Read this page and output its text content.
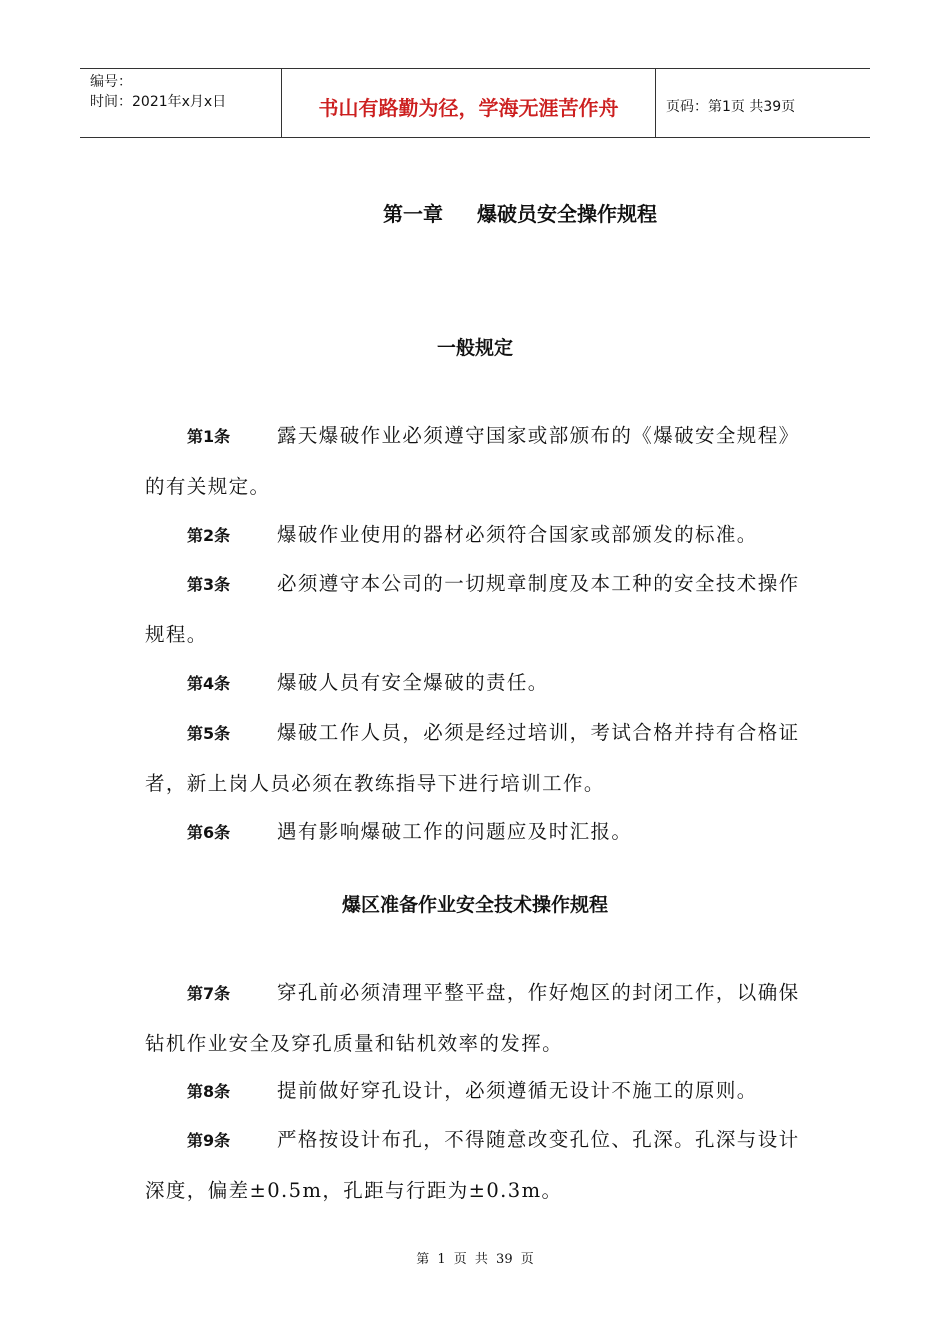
编号：
时间：2021年x月x日	书山有路勤为径，学海无涯苦作舟	页码：第1页 共39页
第一章 爆破员安全操作规程
一般规定
第1条 露天爆破作业必须遵守国家或部颁布的《爆破安全规程》的有关规定。
第2条 爆破作业使用的器材必须符合国家或部颁发的标准。
第3条 必须遵守本公司的一切规章制度及本工种的安全技术操作规程。
第4条 爆破人员有安全爆破的责任。
第5条 爆破工作人员，必须是经过培训，考试合格并持有合格证者，新上岗人员必须在教练指导下进行培训工作。
第6条 遇有影响爆破工作的问题应及时汇报。
爆区准备作业安全技术操作规程
第7条 穿孔前必须清理平整平盘，作好炮区的封闭工作，以确保钻机作业安全及穿孔质量和钻机效率的发挥。
第8条 提前做好穿孔设计，必须遵循无设计不施工的原则。
第9条 严格按设计布孔，不得随意改变孔位、孔深。孔深与设计深度，偏差±0.5m，孔距与行距为±0.3m。
第 1 页 共 39 页
